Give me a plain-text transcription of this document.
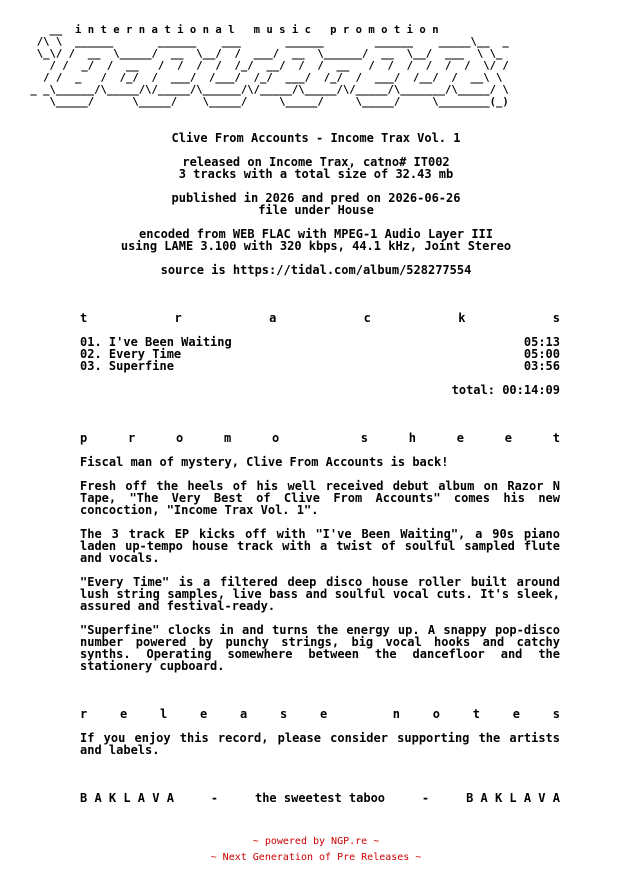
__  i n t e r n a t i o n a l   m u s i c   p r o m o t i o n
/\ \  ______       ______    ___       ______        ______    _____\__  _
\_\/ /  __  \_____/  __  \__/  /  ___/  __  \______/  __  \__/  ___  \ \_
/ /  _/  /  __   /  /  /  /  /_/  __/  /  /  __   /  /  /  /  /  /  \/ /
/ /  _   /  /_/  /  ___/  /___/  /_/  ___/  /_/  /  ___/  /__/  /  __\ \
_ _\______/\_____/\/_____/\______/\/_____/\_____/\/_____/\_______/\_____/ \
\_____/      \_____/    \_____/     \_____/     \_____/     \________(_)
Clive From Accounts - Income Trax Vol. 1
released on Income Trax, catno# IT002
3 tracks with a total size of 32.43 mb
published in 2026 and pred on 2026-06-26
file under House
encoded from WEB FLAC with MPEG-1 Audio Layer III
using LAME 3.100 with 320 kbps, 44.1 kHz, Joint Stereo
source is https://tidal.com/album/528277554
t	r	a	c	k	s
01. I've Been Waiting	05:13
02. Every Time	05:00
03. Superfine	03:56
total: 00:14:09
p	r	o	m	o	s	h	e	e	t

Fiscal man of mystery, Clive From Accounts is back!

Fresh off the heels of his well received debut album on Razor N Tape, "The Very Best of Clive From Accounts" comes his new concoction, "Income Trax Vol. 1".

The 3 track EP kicks off with "I've Been Waiting", a 90s piano laden up-tempo house track with a twist of soulful sampled flute and vocals.

"Every Time" is a filtered deep disco house roller built around lush string samples, live bass and soulful vocal cuts. It's sleek, assured and festival-ready.

"Superfine" clocks in and turns the energy up. A snappy pop-disco number powered by punchy strings, big vocal hooks and catchy synths. Operating somewhere between the dancefloor and the stationery cupboard.

r	e	l	e	a	s	e	n	o	t	e	s

If you enjoy this record, please consider supporting the artists and labels.

B A K L A V A	-	the sweetest taboo	-	B A K L A V A
~ powered by NGP.re ~
~ Next Generation of Pre Releases ~
